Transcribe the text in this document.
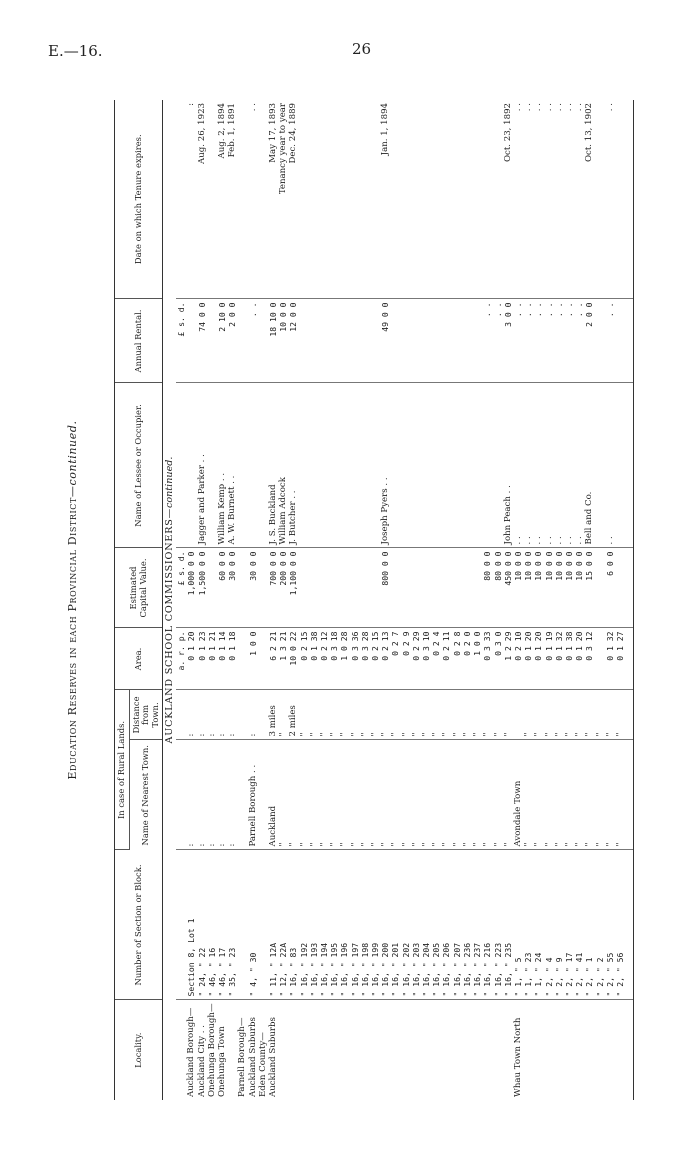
E.—16.	26
Education Reserves in each Provincial District—continued.
Locality.	Number of Section or Block.	In case of Rural Lands.		Area.	Estimated Capital Value.	Name of Lessee or Occupier.	Annual Rental.	Date on which Tenure expires.
		Name of Nearest Town.	Distance from Town.					
AUCKLAND SCHOOL COMMISSIONERS—continued.								
				a. r. p.	£ s. d.		£ s. d.	
Auckland Borough—	Section 8, Lot 1	:	:	0 1 20	1,000 0 0			:
Auckland City . .	" 24, " 22	:	:	0 1 23	1,500 0 0	Jagger and Parker . .	74 0 0	Aug. 26, 1923
Onehunga Borough—	" 46, " 16	:	:	0 1 21				
Onehunga Town	" 46, " 17	:	:	0 1 14	60 0 0	William Kemp . .	2 10 0	Aug. 2, 1894
	" 35, " 23	:	:	0 1 18	30 0 0	A. W. Burnett . .	2 0 0	Feb. 1, 1891
Parnell Borough—								
Auckland Suburbs	" 4, " 30	Parnell Borough . .	:	1 0 0	30 0 0		. .	. .
Eden County—								
Auckland Suburbs	" 11, " 12A	Auckland	3 miles	6 2 21	700 0 0	J. S. Buckland	18 10 0	May 17, 1893
	" 12, " 22A	"	"	1 3 21	200 0 0	William Adcock	10 0 0	Tenancy year to year

	" 16, " 83	"	2 miles	10 0 22	1,100 0 0	J. Butcher . .	12 0 0	Dec. 24, 1889
	" 16, " 192	"	"	0 2 15				
	" 16, " 193	"	"	0 1 38				
	" 16, " 194	"	"	0 2 12				
	" 16, " 195	"	"	0 3 18				
	" 16, " 196	"	"	1 0 28				
	" 16, " 197	"	"	0 3 36				
	" 16, " 198	"	"	0 3 28				
	" 16, " 199	"	"	0 2 15				
	" 16, " 200	"	"	0 2 13	800 0 0	Joseph Pyers . .	49 0 0	Jan. 1, 1894
	" 16, " 201	"	"	0 2 7				
	" 16, " 202	"	"	0 2 9				
	" 16, " 203	"	"	0 2 29				
	" 16, " 204	"	"	0 3 10				
	" 16, " 205	"	"	0 2 4				
	" 16, " 206	"	"	0 2 11				
	" 16, " 207	"	"	0 2 8				
	" 16, " 236	"	"	0 2 0				
	" 16, " 237	"	"	1 0 0				
	" 16, " 216	"	"	0 3 33	80 0 0		. .	
	" 16, " 223	"	"	0 3 0	80 0 0		. .	
	" 16, " 235	"	"	1 2 29	450 0 0	John Peach . .	3 0 0	Oct. 23, 1892
Whau Town North	" 1, " 5	Avondale Town		0 2 10	10 0 0	. .	. .	. .
	" 1, " 23	"	"	0 1 20	10 0 0	. .	. .	. .
	" 1, " 24	"	"	0 1 20	10 0 0	. .	. .	. .
	" 2, " 4	"	"	0 1 19	10 0 0	. .	. .	. .
	" 2, " 9	"	"	0 1 32	10 0 0	. .	. .	. .
	" 2, " 17	"	"	0 1 38	10 0 0	. .	. .	. .
	" 2, " 41	"	"	0 1 20	10 0 0	. .	. .	. .
	" 2, " 1	"	"	0 3 12	15 0 0	Bell and Co.	2 0 0	Oct. 13, 1902
	" 2, " 2	"	"					
	" 2, " 55	"	"	0 1 32	6 0 0	. .	. .	. .
	" 2, " 56	"	"	0 1 27				
